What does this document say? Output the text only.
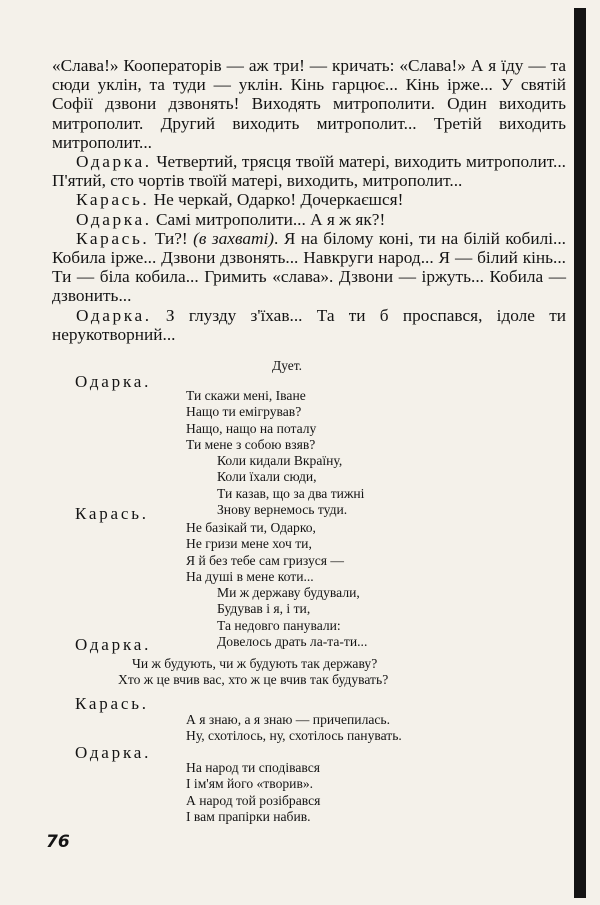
«Слава!» Кооператорів — аж три! — кричать: «Слава!» А я їду — та сюди уклін, та туди — уклін. Кінь гарцює... Кінь ірже... У святій Софії дзвони дзвонять! Виходять митрополити. Один виходить митрополит. Другий виходить митрополит... Третій виходить митрополит...

Одарка. Четвертий, трясця твоїй матері, виходить митрополит... П'ятий, сто чортів твоїй матері, виходить, митрополит...

Карась. Не черкай, Одарко! Дочеркаєшся!

Одарка. Самі митрополити... А я ж як?!

Карась. Ти?! (в захваті). Я на білому коні, ти на білій кобилі... Кобила ірже... Дзвони дзвонять... Навкруги народ... Я — білий кінь... Ти — біла кобила... Гримить «слава». Дзвони — іржуть... Кобила — дзвонить...

Одарка. З глузду з'їхав... Та ти б проспався, ідоле ти нерукотворний...

Дует.
Одарка.
Ти скажи мені, Іване
Нащо ти емігрував?
Нащо, нащо на поталу
Ти мене з собою взяв?
Коли кидали Вкраїну,
Коли їхали сюди,
Ти казав, що за два тижні
Знову вернемось туди.
Карась.
Не базікай ти, Одарко,
Не гризи мене хоч ти,
Я й без тебе сам гризуся —
На душі в мене коти...
Ми ж державу будували,
Будував і я, і ти,
Та недовго панували:
Довелось драть ла-та-ти...
Одарка.
Чи ж будують, чи ж будують так державу?
Хто ж це вчив вас, хто ж це вчив так будувать?
Карась.
А я знаю, а я знаю — причепилась.
Ну, схотілось, ну, схотілось панувать.
Одарка.
На народ ти сподівався
І ім'ям його «творив».
А народ той розібрався
І вам прапірки набив.
76
